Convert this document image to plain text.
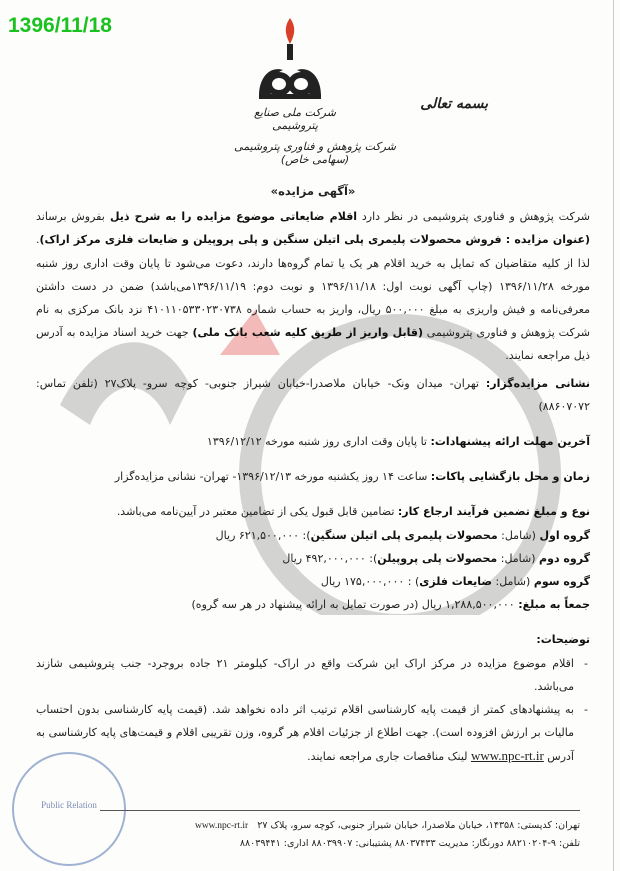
1396/11/18
شرکت ملی صنایع پتروشیمی
شرکت پژوهش و فناوری پتروشیمی (سهامی خاص)
بسمه تعالی
«آگهی مزایده»

شرکت پژوهش و فناوری پتروشیمی در نظر دارد اقلام ضایعاتی موضوع مزایده را به شرح ذیل بفروش برساند (عنوان مزایده : فروش محصولات پلیمری پلی اتیلن سنگین و پلی پروپیلن و ضایعات فلزی مرکز اراک). لذا از کلیه متقاضیان که تمایل به خرید اقلام هر یک یا تمام گروه‌ها دارند، دعوت می‌شود تا پایان وقت اداری روز شنبه مورخه ۱۳۹۶/۱۱/۲۸ (چاپ آگهی نوبت اول: ۱۳۹۶/۱۱/۱۸ و نوبت دوم: ۱۳۹۶/۱۱/۱۹می‌باشد) ضمن در دست داشتن معرفی‌نامه و فیش واریزی به مبلغ ۵۰۰,۰۰۰ ریال، واریز به حساب شماره ۴۱۰۱۱۰۵۳۳۰۲۳۰۷۳۸ نزد بانک مرکزی به نام شرکت پژوهش و فناوری پتروشیمی (قابل واریز از طریق کلیه شعب بانک ملی) جهت خرید اسناد مزایده به آدرس ذیل مراجعه نمایند.

نشانی مزایده‌گزار: تهران- میدان ونک- خیابان ملاصدرا-خیابان شیراز جنوبی- کوچه سرو- پلاک۲۷ (تلفن تماس: ۸۸۶۰۷۰۷۲)

آخرین مهلت ارائه پیشنهادات: تا پایان وقت اداری روز شنبه مورخه ۱۳۹۶/۱۲/۱۲

زمان و محل بازگشایی پاکات: ساعت ۱۴ روز یکشنبه مورخه ۱۳۹۶/۱۲/۱۳- تهران- نشانی مزایده‌گزار

نوع و مبلغ تضمین فرآیند ارجاع کار: تضامین قابل قبول یکی از تضامین معتبر در آیین‌نامه می‌باشد.

گروه اول (شامل: محصولات پلیمری پلی اتیلن سنگین): ۶۲۱,۵۰۰,۰۰۰ ریال

گروه دوم (شامل: محصولات پلی پروپیلن): ۴۹۲,۰۰۰,۰۰۰ ریال

گروه سوم (شامل: ضایعات فلزی) : ۱۷۵,۰۰۰,۰۰۰ ریال

جمعاً به مبلغ: ۱,۲۸۸,۵۰۰,۰۰۰ ریال (در صورت تمایل به ارائه پیشنهاد در هر سه گروه)

توضیحات:

- اقلام موضوع مزایده در مرکز اراک این شرکت واقع در اراک- کیلومتر ۲۱ جاده بروجرد- جنب پتروشیمی شازند می‌باشد.
- به پیشنهادهای کمتر از قیمت پایه کارشناسی اقلام ترتیب اثر داده نخواهد شد. (قیمت پایه کارشناسی بدون احتساب مالیات بر ارزش افزوده است). جهت اطلاع از جزئیات اقلام هر گروه، وزن تقریبی اقلام و قیمت‌های پایه کارشناسی به آدرس www.npc-rt.ir لینک مناقصات جاری مراجعه نمایند.
Public Relation
تهران: کدپستی: ۱۴۳۵۸، خیابان ملاصدرا، خیابان شیراز جنوبی، کوچه سرو، پلاک ۲۷   www.npc-rt.ir
تلفن: ۹-۸۸۲۱۰۲۰۴ دورنگار: مدیریت ۸۸۰۳۷۴۳۳ پشتیبانی: ۸۸۰۳۹۹۰۷ اداری: ۸۸۰۳۹۴۴۱
